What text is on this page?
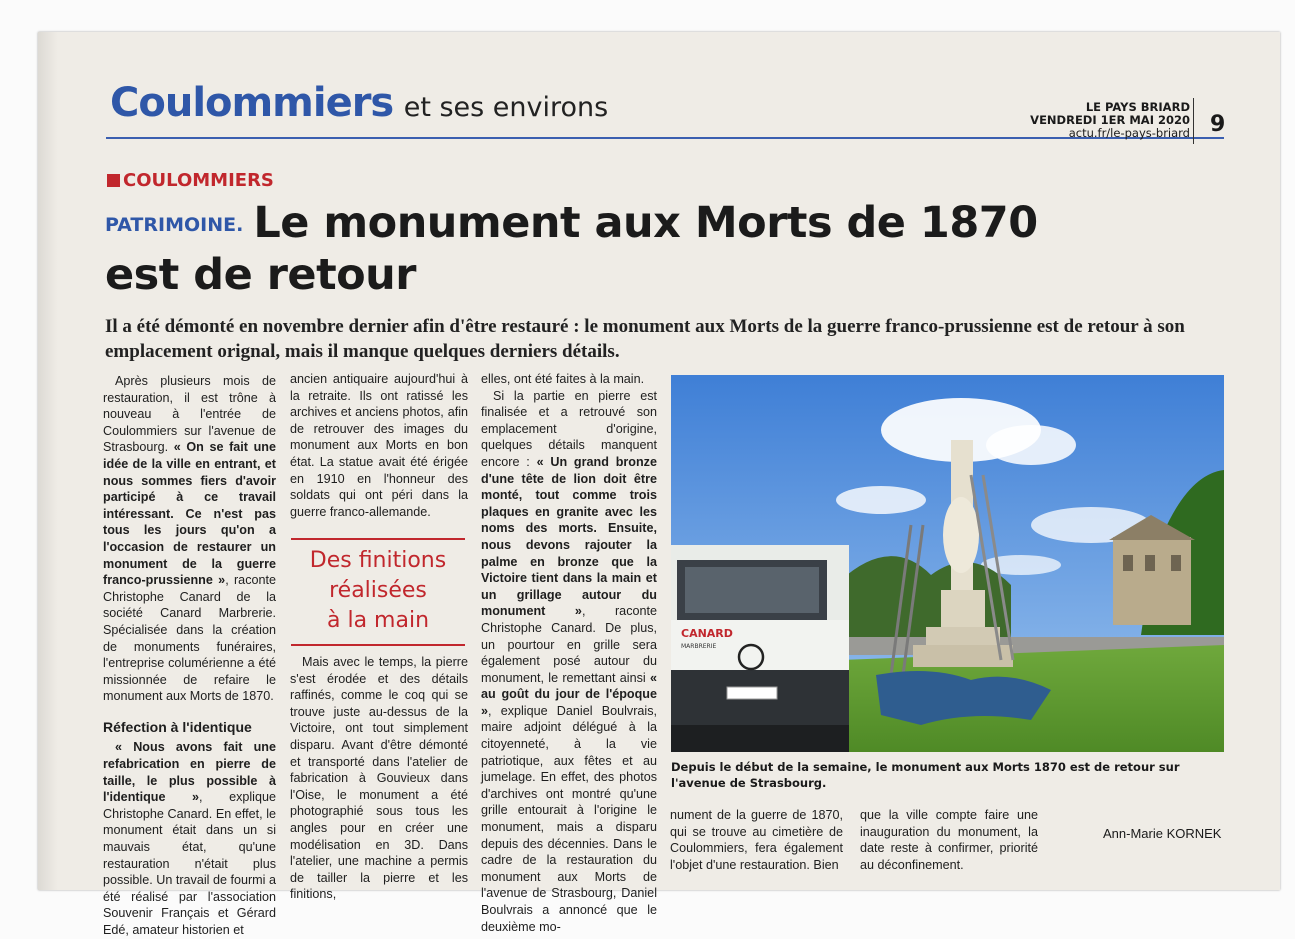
Coulommiers et ses environs	LE PAYS BRIARD
VENDREDI 1ER MAI 2020
actu.fr/le-pays-briard 9
COULOMMIERS
PATRIMOINE. Le monument aux Morts de 1870
est de retour
Il a été démonté en novembre dernier afin d'être restauré : le monument aux Morts de la guerre franco-prussienne est de retour à son emplacement orignal, mais il manque quelques derniers détails.

Après plusieurs mois de restauration, il est trône à nouveau à l'entrée de Coulommiers sur l'avenue de Strasbourg. « On se fait une idée de la ville en entrant, et nous sommes fiers d'avoir participé à ce travail intéressant. Ce n'est pas tous les jours qu'on a l'occasion de restaurer un monument de la guerre franco-prussienne », raconte Christophe Canard de la société Canard Marbrerie. Spécialisée dans la création de monuments funéraires, l'entreprise columérienne a été missionnée de refaire le monument aux Morts de 1870.

Réfection à l'identique

« Nous avons fait une refabrication en pierre de taille, le plus possible à l'identique », explique Christophe Canard. En effet, le monument était dans un si mauvais état, qu'une restauration n'était plus possible. Un travail de fourmi a été réalisé par l'association Souvenir Français et Gérard Edé, amateur historien et

ancien antiquaire aujourd'hui à la retraite. Ils ont ratissé les archives et anciens photos, afin de retrouver des images du monument aux Morts en bon état. La statue avait été érigée en 1910 en l'honneur des soldats qui ont péri dans la guerre franco-allemande.

Des finitions
réalisées
à la main

Mais avec le temps, la pierre s'est érodée et des détails raffinés, comme le coq qui se trouve juste au-dessus de la Victoire, ont tout simplement disparu. Avant d'être démonté et transporté dans l'atelier de fabrication à Gouvieux dans l'Oise, le monument a été photographié sous tous les angles pour en créer une modélisation en 3D. Dans l'atelier, une machine a permis de tailler la pierre et les finitions,

elles, ont été faites à la main.

Si la partie en pierre est finalisée et a retrouvé son emplacement d'origine, quelques détails manquent encore : « Un grand bronze d'une tête de lion doit être monté, tout comme trois plaques en granite avec les noms des morts. Ensuite, nous devons rajouter la palme en bronze que la Victoire tient dans la main et un grillage autour du monument », raconte Christophe Canard. De plus, un pourtour en grille sera également posé autour du monument, le remettant ainsi « au goût du jour de l'époque », explique Daniel Boulvrais, maire adjoint délégué à la citoyenneté, à la vie patriotique, aux fêtes et au jumelage. En effet, des photos d'archives ont montré qu'une grille entourait à l'origine le monument, mais a disparu depuis des décennies. Dans le cadre de la restauration du monument aux Morts de l'avenue de Strasbourg, Daniel Boulvrais a annoncé que le deuxième mo-

CANARD
MARBRERIE
Depuis le début de la semaine, le monument aux Morts 1870 est de retour sur l'avenue de Strasbourg.

nument de la guerre de 1870, qui se trouve au cimetière de Coulommiers, fera également l'objet d'une restauration. Bien

que la ville compte faire une inauguration du monument, la date reste à confirmer, priorité au déconfinement.

Ann-Marie KORNEK
